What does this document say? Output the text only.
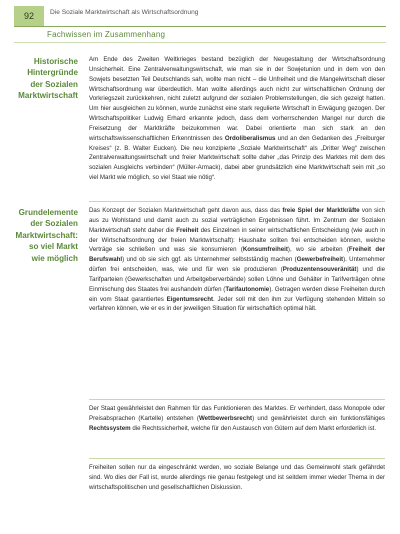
92	Die Soziale Marktwirtschaft als Wirtschaftsordnung
Fachwissen im Zusammenhang
Historische
Hintergründe
der Sozialen
Marktwirtschaft
Grundelemente
der Sozialen
Marktwirtschaft:
so viel Markt
wie möglich

Am Ende des Zweiten Weltkrieges bestand bezüglich der Neugestaltung der Wirtschaftsordnung Unsicherheit. Eine Zentralverwaltungswirtschaft, wie man sie in der Sowjetunion und in dem von den Sowjets besetzten Teil Deutschlands sah, wollte man nicht – die Unfreiheit und die Mangelwirtschaft dieser Wirtschaftsordnung war überdeutlich. Man wollte allerdings auch nicht zur wirtschaftlichen Ordnung der Vorkriegszeit zurückkehren, nicht zuletzt aufgrund der sozialen Problemstellungen, die sich gezeigt hatten. Um hier ausgleichen zu können, wurde zunächst eine stark regulierte Wirtschaft in Erwägung gezogen. Der Wirtschaftspolitiker Ludwig Erhard erkannte jedoch, dass dem vorherrschenden Mangel nur durch die Freisetzung der Marktkräfte beizukommen war. Dabei orientierte man sich stark an den wirtschaftswissenschaftlichen Erkenntnissen des Ordoliberalismus und an den Gedanken des „Freiburger Kreises“ (z. B. Walter Eucken). Die neu konzipierte „Soziale Marktwirtschaft“ als „Dritter Weg“ zwischen Zentralverwaltungswirtschaft und freier Marktwirtschaft sollte daher „das Prinzip des Marktes mit dem des sozialen Ausgleichs verbinden“ (Müller-Armack), dabei aber grundsätzlich eine Marktwirtschaft sein mit „so viel Markt wie möglich, so viel Staat wie nötig“.

Das Konzept der Sozialen Marktwirtschaft geht davon aus, dass das freie Spiel der Marktkräfte von sich aus zu Wohlstand und damit auch zu sozial verträglichen Ergebnissen führt. Im Zentrum der Sozialen Marktwirtschaft steht daher die Freiheit des Einzelnen in seiner wirtschaftlichen Entscheidung (wie auch in der Wirtschaftsordnung der freien Marktwirtschaft): Haushalte sollten frei entscheiden können, welche Verträge sie schließen und was sie konsumieren (Konsumfreiheit), wo sie arbeiten (Freiheit der Berufswahl) und ob sie sich ggf. als Unternehmer selbstständig machen (Gewerbefreiheit). Unternehmer dürfen frei entscheiden, was, wie und für wen sie produzieren (Produzentensouveränität) und die Tarifparteien (Gewerkschaften und Arbeitgeberverbände) sollen Löhne und Gehälter in Tarifverträgen ohne Einmischung des Staates frei aushandeln dürfen (Tarifautonomie). Getragen werden diese Freiheiten durch ein vom Staat garantiertes Eigentumsrecht. Jeder soll mit den ihm zur Verfügung stehenden Mitteln so verfahren können, wie er es in der jeweiligen Situation für wirtschaftlich optimal hält.

Der Staat gewährleistet den Rahmen für das Funktionieren des Marktes. Er verhindert, dass Monopole oder Preisabsprachen (Kartelle) entstehen (Wettbewerbsrecht) und gewährleistet durch ein funktionsfähiges Rechtssystem die Rechtssicherheit, welche für den Austausch von Gütern auf dem Markt erforderlich ist.

Freiheiten sollen nur da eingeschränkt werden, wo soziale Belange und das Gemeinwohl stark gefährdet sind. Wo dies der Fall ist, wurde allerdings nie genau festgelegt und ist seitdem immer wieder Thema in der wirtschaftspolitischen und gesellschaftlichen Diskussion.
